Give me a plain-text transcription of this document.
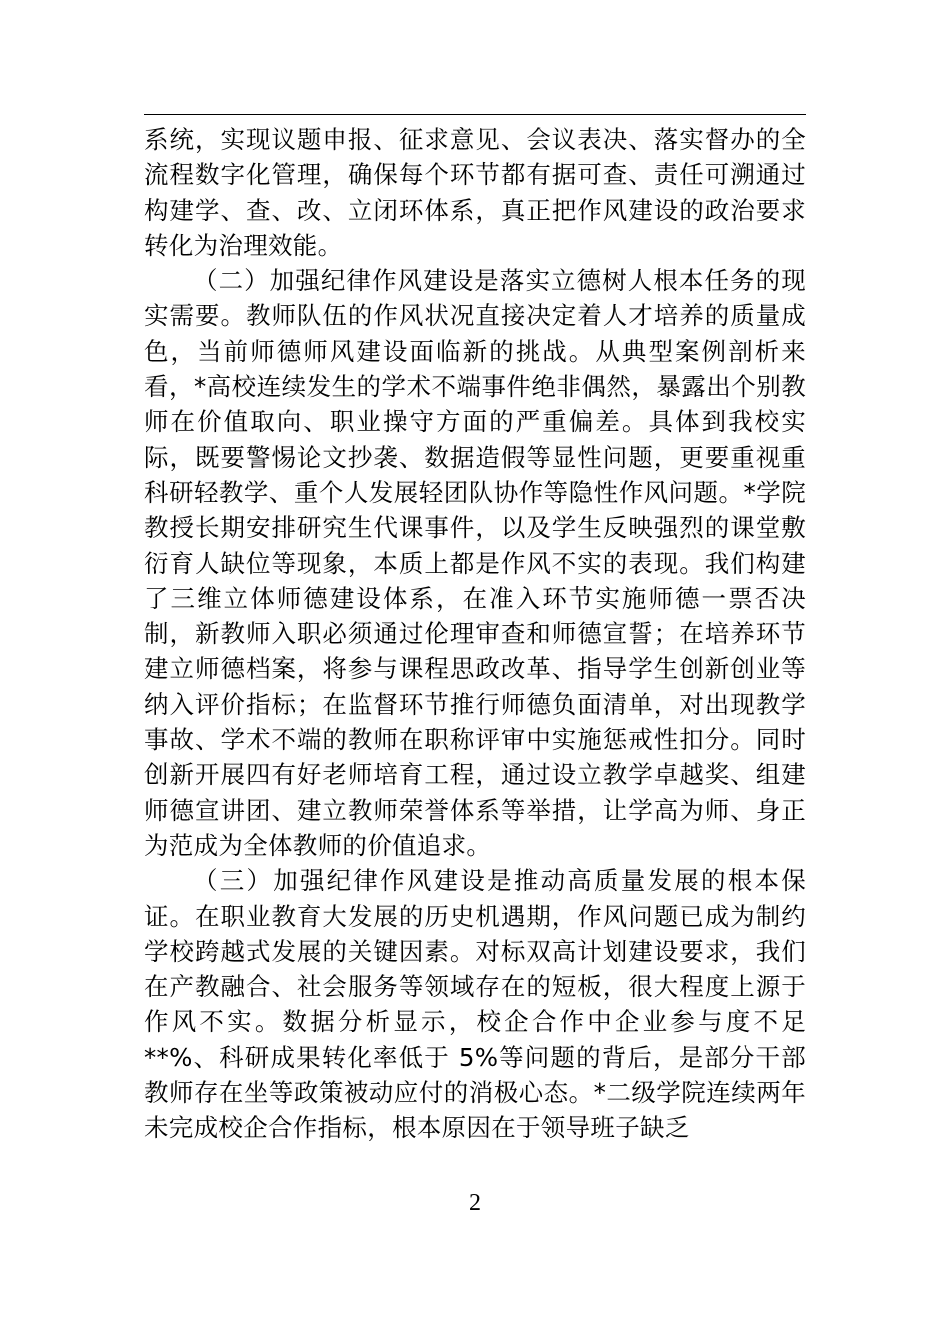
系统，实现议题申报、征求意见、会议表决、落实督办的全流程数字化管理，确保每个环节都有据可查、责任可溯通过构建学、查、改、立闭环体系，真正把作风建设的政治要求转化为治理效能。

（二）加强纪律作风建设是落实立德树人根本任务的现实需要。教师队伍的作风状况直接决定着人才培养的质量成色，当前师德师风建设面临新的挑战。从典型案例剖析来看，*高校连续发生的学术不端事件绝非偶然，暴露出个别教师在价值取向、职业操守方面的严重偏差。具体到我校实际，既要警惕论文抄袭、数据造假等显性问题，更要重视重科研轻教学、重个人发展轻团队协作等隐性作风问题。*学院教授长期安排研究生代课事件，以及学生反映强烈的课堂敷衍育人缺位等现象，本质上都是作风不实的表现。我们构建了三维立体师德建设体系，在准入环节实施师德一票否决制，新教师入职必须通过伦理审查和师德宣誓；在培养环节建立师德档案，将参与课程思政改革、指导学生创新创业等纳入评价指标；在监督环节推行师德负面清单，对出现教学事故、学术不端的教师在职称评审中实施惩戒性扣分。同时创新开展四有好老师培育工程，通过设立教学卓越奖、组建师德宣讲团、建立教师荣誉体系等举措，让学高为师、身正为范成为全体教师的价值追求。

（三）加强纪律作风建设是推动高质量发展的根本保证。在职业教育大发展的历史机遇期，作风问题已成为制约学校跨越式发展的关键因素。对标双高计划建设要求，我们在产教融合、社会服务等领域存在的短板，很大程度上源于作风不实。数据分析显示，校企合作中企业参与度不足**%、科研成果转化率低于 5%等问题的背后，是部分干部教师存在坐等政策被动应付的消极心态。*二级学院连续两年未完成校企合作指标，根本原因在于领导班子缺乏

2
